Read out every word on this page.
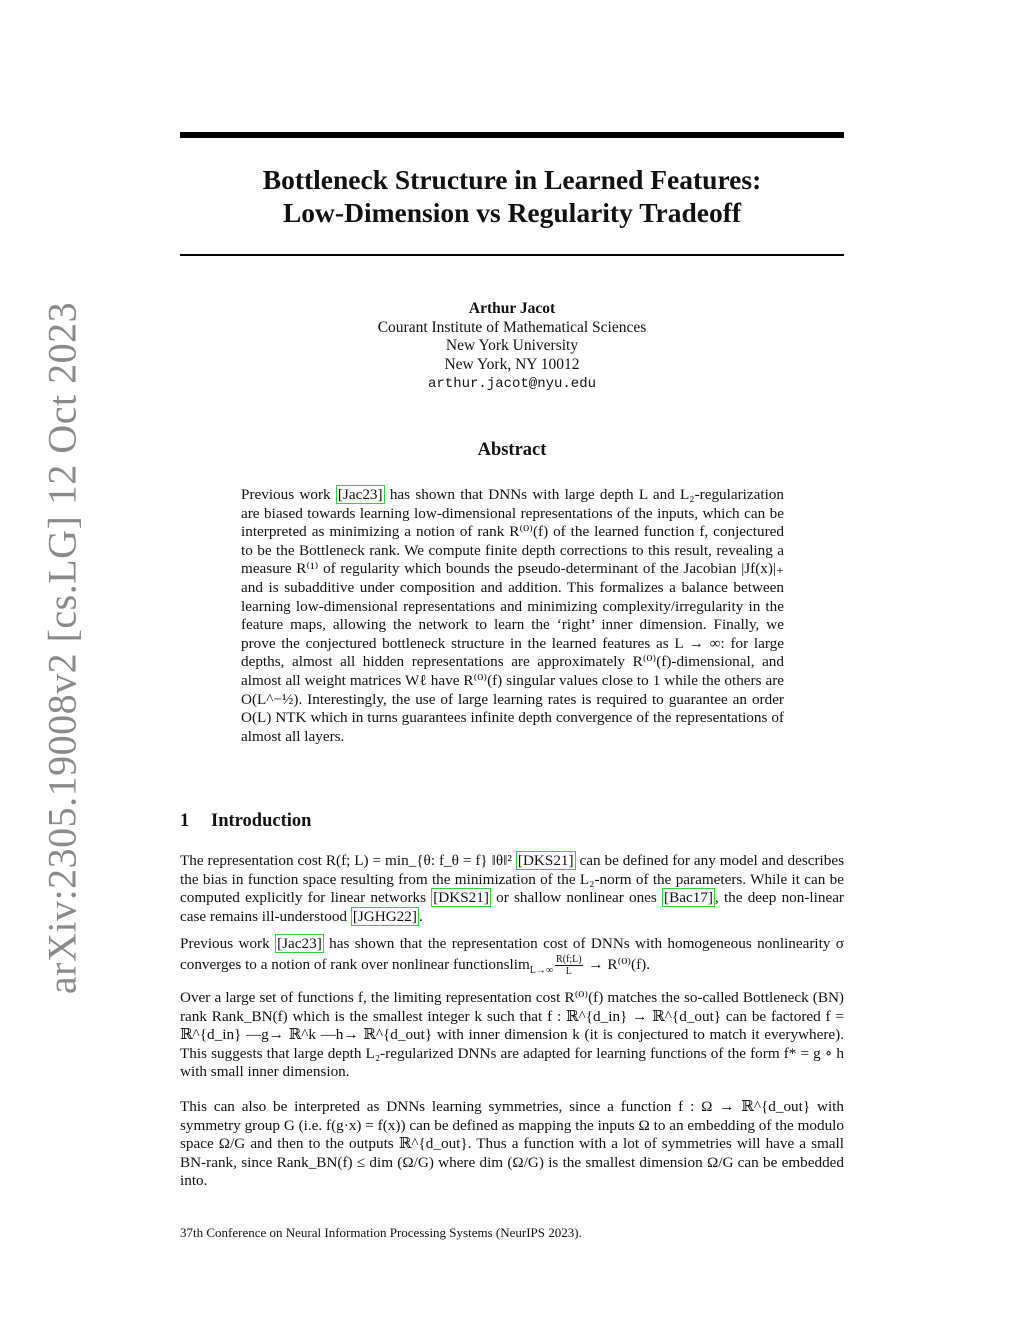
arXiv:2305.19008v2 [cs.LG] 12 Oct 2023
Bottleneck Structure in Learned Features:
Low-Dimension vs Regularity Tradeoff
Arthur Jacot
Courant Institute of Mathematical Sciences
New York University
New York, NY 10012
arthur.jacot@nyu.edu
Abstract
Previous work [Jac23] has shown that DNNs with large depth L and L₂-regularization are biased towards learning low-dimensional representations of the inputs, which can be interpreted as minimizing a notion of rank R⁽⁰⁾(f) of the learned function f, conjectured to be the Bottleneck rank. We compute finite depth corrections to this result, revealing a measure R⁽¹⁾ of regularity which bounds the pseudo-determinant of the Jacobian |Jf(x)|₊ and is subadditive under composition and addition. This formalizes a balance between learning low-dimensional representations and minimizing complexity/irregularity in the feature maps, allowing the network to learn the ‘right’ inner dimension. Finally, we prove the conjectured bottleneck structure in the learned features as L → ∞: for large depths, almost all hidden representations are approximately R⁽⁰⁾(f)-dimensional, and almost all weight matrices Wℓ have R⁽⁰⁾(f) singular values close to 1 while the others are O(L^−½). Interestingly, the use of large learning rates is required to guarantee an order O(L) NTK which in turns guarantees infinite depth convergence of the representations of almost all layers.
1 Introduction

The representation cost R(f; L) = min_{θ: f_θ = f} ‖θ‖² [DKS21] can be defined for any model and describes the bias in function space resulting from the minimization of the L₂-norm of the parameters. While it can be computed explicitly for linear networks [DKS21] or shallow nonlinear ones [Bac17] , the deep non-linear case remains ill-understood [JGHG22] .

Previous work [Jac23] has shown that the representation cost of DNNs with homogeneous nonlinearity σ converges to a notion of rank over nonlinear functionslim$_{L\to\infty}$ $\frac{R(f;L)}{L} \to R^{(0)}(f)$.

Over a large set of functions f, the limiting representation cost R⁽⁰⁾(f) matches the so-called Bottleneck (BN) rank Rank_BN(f) which is the smallest integer k such that f : ℝ^{d_in} → ℝ^{d_out} can be factored f = ℝ^{d_in} —g→ ℝ^k —h→ ℝ^{d_out} with inner dimension k (it is conjectured to match it everywhere). This suggests that large depth L₂-regularized DNNs are adapted for learning functions of the form f* = g ∘ h with small inner dimension.

This can also be interpreted as DNNs learning symmetries, since a function f : Ω → ℝ^{d_out} with symmetry group G (i.e. f(g·x) = f(x)) can be defined as mapping the inputs Ω to an embedding of the modulo space Ω/G and then to the outputs ℝ^{d_out}. Thus a function with a lot of symmetries will have a small BN-rank, since Rank_BN(f) ≤ dim (Ω/G) where dim (Ω/G) is the smallest dimension Ω/G can be embedded into.

37th Conference on Neural Information Processing Systems (NeurIPS 2023).
